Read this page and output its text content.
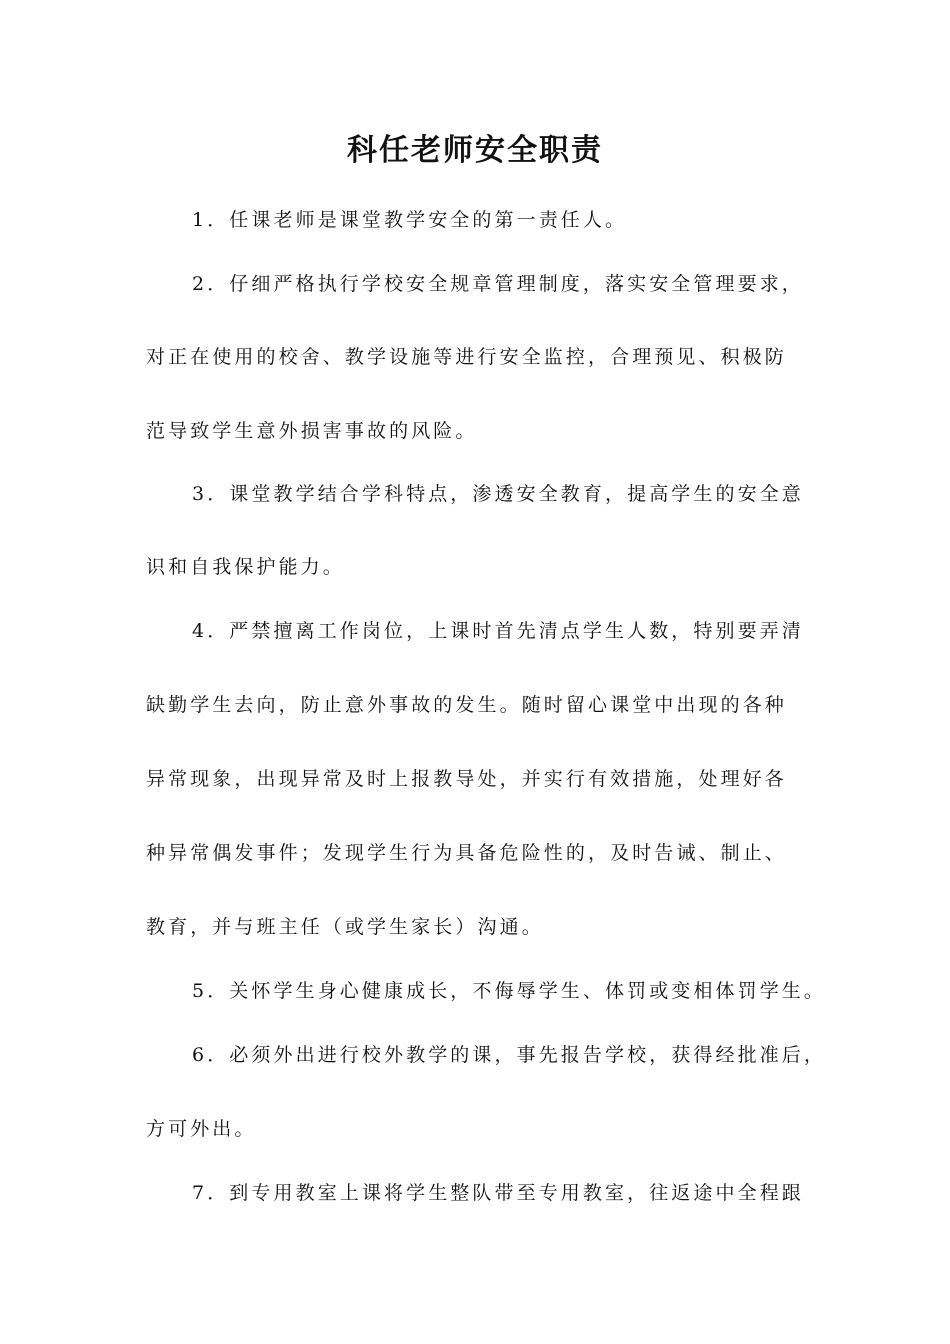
科任老师安全职责
1．任课老师是课堂教学安全的第一责任人。
2．仔细严格执行学校安全规章管理制度，落实安全管理要求，
对正在使用的校舍、教学设施等进行安全监控，合理预见、积极防
范导致学生意外损害事故的风险。
3．课堂教学结合学科特点，渗透安全教育，提高学生的安全意
识和自我保护能力。
4．严禁擅离工作岗位，上课时首先清点学生人数，特别要弄清
缺勤学生去向，防止意外事故的发生。随时留心课堂中出现的各种
异常现象，出现异常及时上报教导处，并实行有效措施，处理好各
种异常偶发事件；发现学生行为具备危险性的，及时告诫、制止、
教育，并与班主任（或学生家长）沟通。
5．关怀学生身心健康成长，不侮辱学生、体罚或变相体罚学生。
6．必须外出进行校外教学的课，事先报告学校，获得经批准后，
方可外出。
7．到专用教室上课将学生整队带至专用教室，往返途中全程跟
